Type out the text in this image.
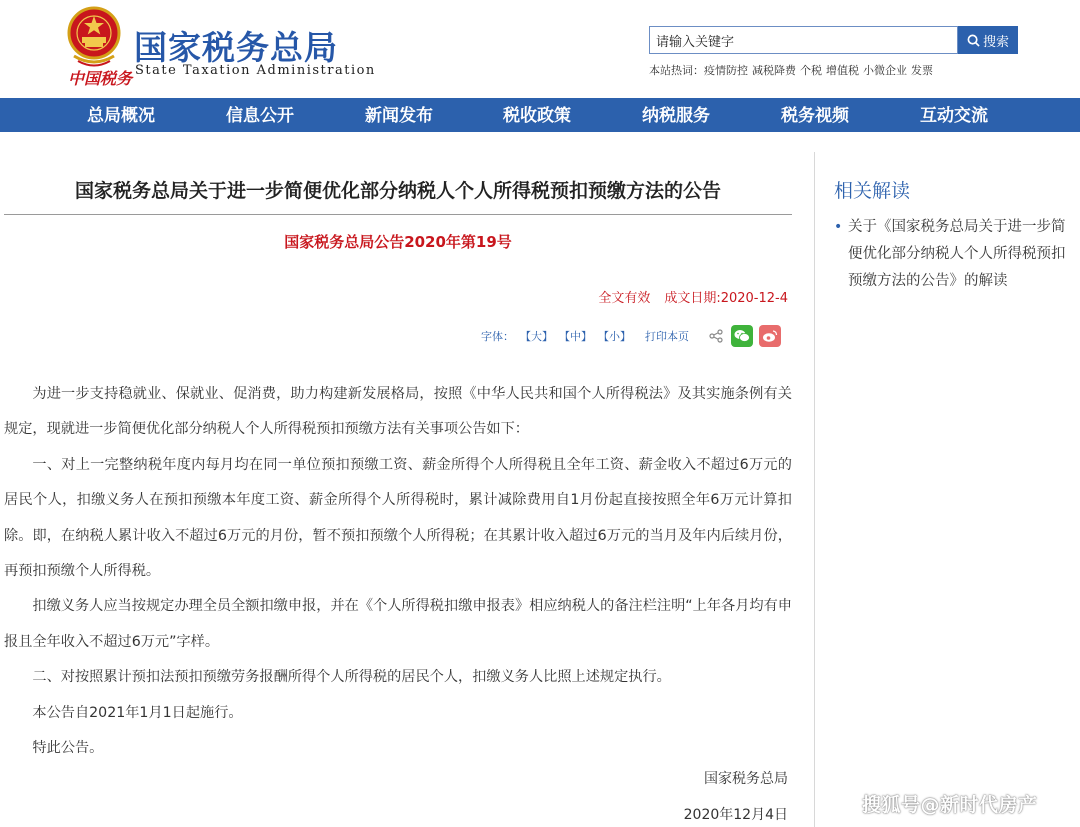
国家税务总局
State Taxation Administration
中国税务
请输入关键字
搜索
本站热词：疫情防控 减税降费 个税 增值税 小微企业 发票
总局概况	信息公开	新闻发布	税收政策	纳税服务	税务视频	互动交流
国家税务总局关于进一步简便优化部分纳税人个人所得税预扣预缴方法的公告
国家税务总局公告2020年第19号
全文有效 成文日期:2020-12-4
字体： 【大】 【中】 【小】 打印本页

为进一步支持稳就业、保就业、促消费，助力构建新发展格局，按照《中华人民共和国个人所得税法》及其实施条例有关规定，现就进一步简便优化部分纳税人个人所得税预扣预缴方法有关事项公告如下：

一、对上一完整纳税年度内每月均在同一单位预扣预缴工资、薪金所得个人所得税且全年工资、薪金收入不超过6万元的居民个人，扣缴义务人在预扣预缴本年度工资、薪金所得个人所得税时，累计减除费用自1月份起直接按照全年6万元计算扣除。即，在纳税人累计收入不超过6万元的月份，暂不预扣预缴个人所得税；在其累计收入超过6万元的当月及年内后续月份，再预扣预缴个人所得税。

扣缴义务人应当按规定办理全员全额扣缴申报，并在《个人所得税扣缴申报表》相应纳税人的备注栏注明“上年各月均有申报且全年收入不超过6万元”字样。

二、对按照累计预扣法预扣预缴劳务报酬所得个人所得税的居民个人，扣缴义务人比照上述规定执行。

本公告自2021年1月1日起施行。

特此公告。

国家税务总局
2020年12月4日
相关解读
• 关于《国家税务总局关于进一步简便优化部分纳税人个人所得税预扣预缴方法的公告》的解读
搜狐号@新时代房产
